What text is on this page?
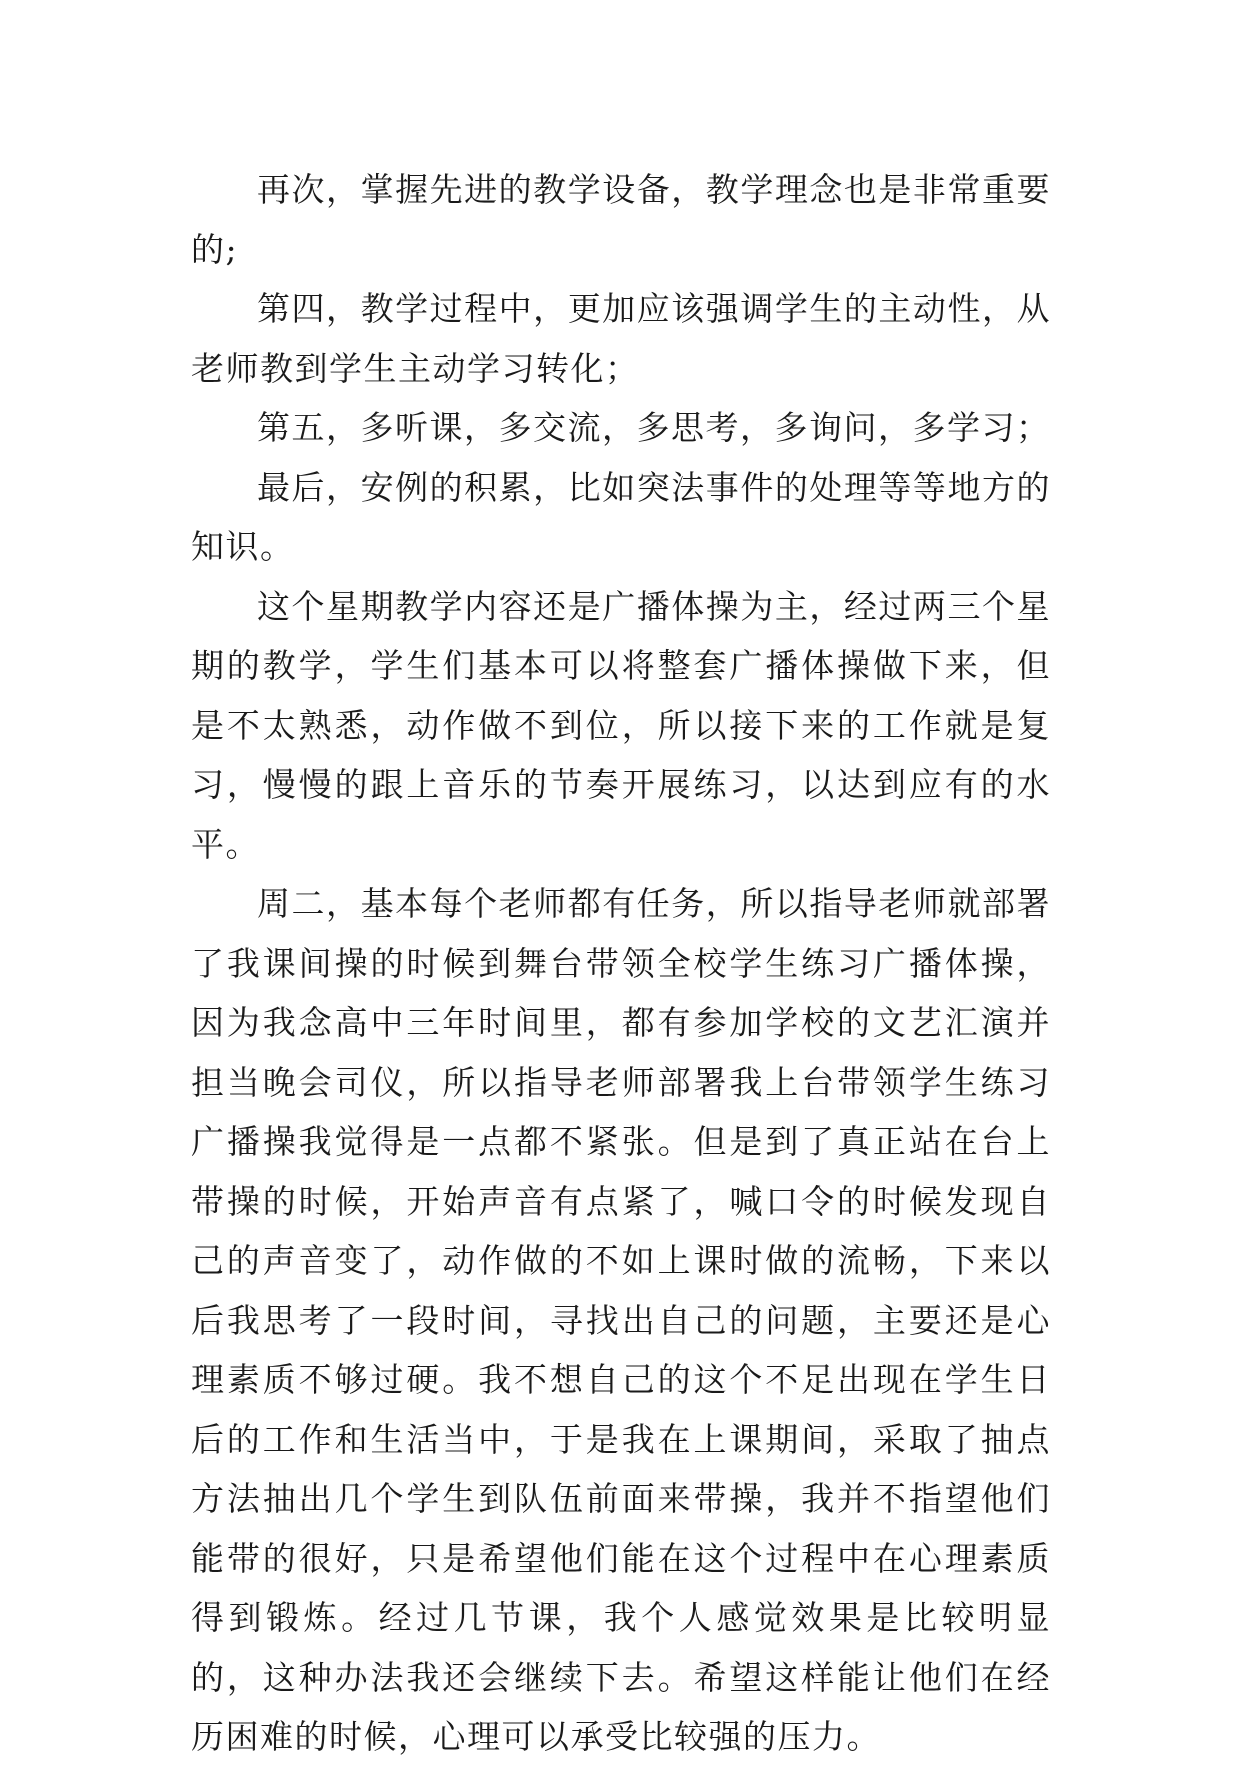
再次，掌握先进的教学设备，教学理念也是非常重要的;

第四，教学过程中，更加应该强调学生的主动性，从老师教到学生主动学习转化；

第五，多听课，多交流，多思考，多询问，多学习；

最后，安例的积累，比如突法事件的处理等等地方的知识。

这个星期教学内容还是广播体操为主，经过两三个星期的教学，学生们基本可以将整套广播体操做下来，但是不太熟悉，动作做不到位，所以接下来的工作就是复习，慢慢的跟上音乐的节奏开展练习，以达到应有的水平。

周二，基本每个老师都有任务，所以指导老师就部署了我课间操的时候到舞台带领全校学生练习广播体操，因为我念高中三年时间里，都有参加学校的文艺汇演并担当晚会司仪，所以指导老师部署我上台带领学生练习广播操我觉得是一点都不紧张。但是到了真正站在台上带操的时候，开始声音有点紧了，喊口令的时候发现自己的声音变了，动作做的不如上课时做的流畅，下来以后我思考了一段时间，寻找出自己的问题，主要还是心理素质不够过硬。我不想自己的这个不足出现在学生日后的工作和生活当中，于是我在上课期间，采取了抽点方法抽出几个学生到队伍前面来带操，我并不指望他们能带的很好，只是希望他们能在这个过程中在心理素质得到锻炼。经过几节课，我个人感觉效果是比较明显的，这种办法我还会继续下去。希望这样能让他们在经历困难的时候，心理可以承受比较强的压力。
